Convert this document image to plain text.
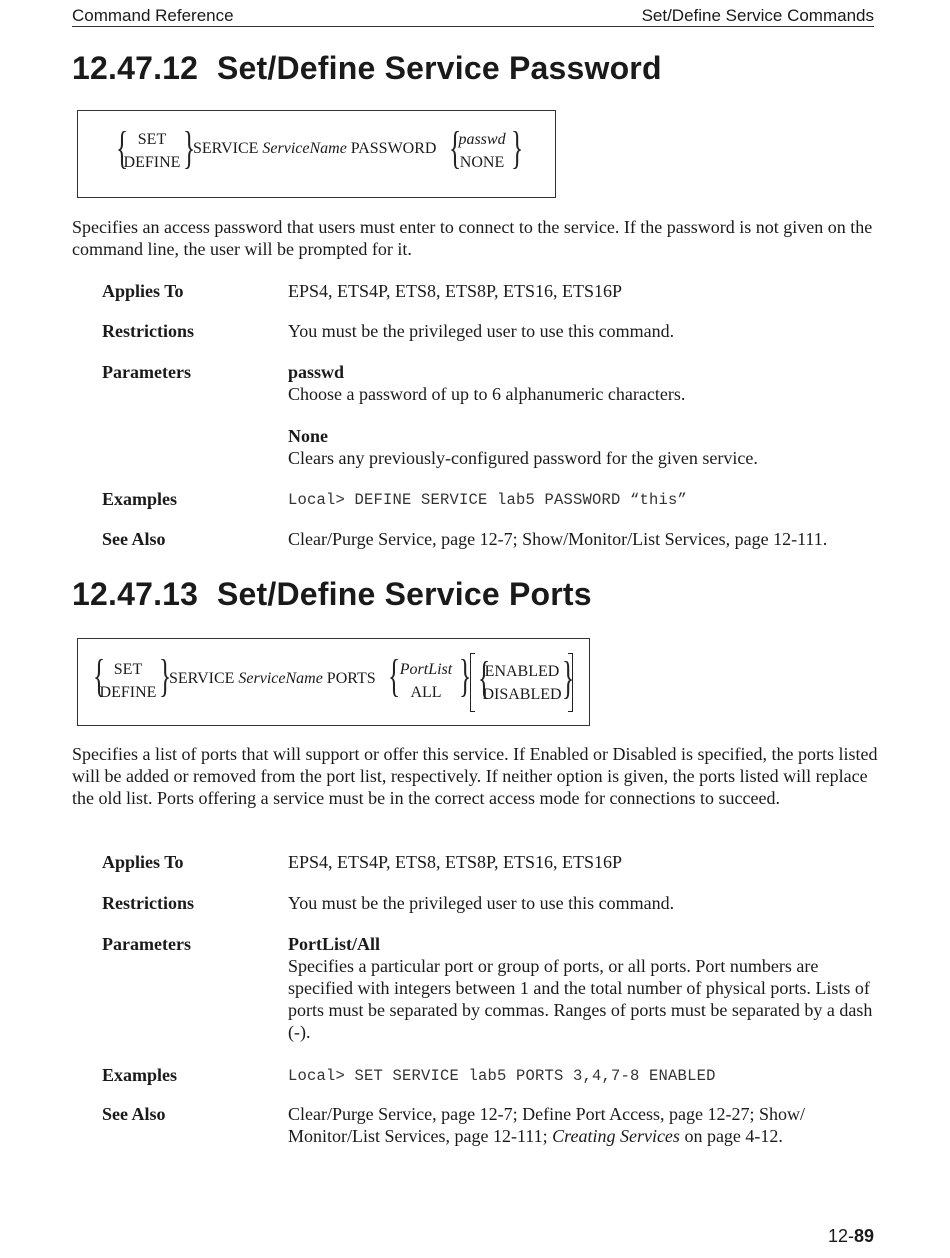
Command Reference	Set/Define Service Commands
12.47.12 Set/Define Service Password
{ SET
DEFINE }
SERVICE ServiceName PASSWORD {
passwd
NONE }

Specifies an access password that users must enter to connect to the service. If the password is not given on the command line, the user will be prompted for it.

Applies To	EPS4, ETS4P, ETS8, ETS8P, ETS16, ETS16P
Restrictions	You must be the privileged user to use this command.
Parameters	passwd
Choose a password of up to 6 alphanumeric characters.
None
Clears any previously-configured password for the given service.
Examples	Local> DEFINE SERVICE lab5 PASSWORD “this”
See Also	Clear/Purge Service, page 12-7; Show/Monitor/List Services, page 12-111.
12.47.13 Set/Define Service Ports
{ SET
DEFINE }
SERVICE ServiceName PORTS { PortList
ALL } {
ENABLED
DISABLED }

Specifies a list of ports that will support or offer this service. If Enabled or Disabled is specified, the ports listed will be added or removed from the port list, respectively. If neither option is given, the ports listed will replace the old list. Ports offering a service must be in the correct access mode for connections to succeed.

Applies To	EPS4, ETS4P, ETS8, ETS8P, ETS16, ETS16P
Restrictions	You must be the privileged user to use this command.
Parameters	PortList/All
Specifies a particular port or group of ports, or all ports. Port numbers are specified with integers between 1 and the total number of physical ports. Lists of ports must be separated by commas. Ranges of ports must be separated by a dash (-).
Examples	Local> SET SERVICE lab5 PORTS 3,4,7-8 ENABLED
See Also	Clear/Purge Service, page 12-7; Define Port Access, page 12-27; Show/ Monitor/List Services, page 12-111; Creating Services on page 4-12.
12-89
